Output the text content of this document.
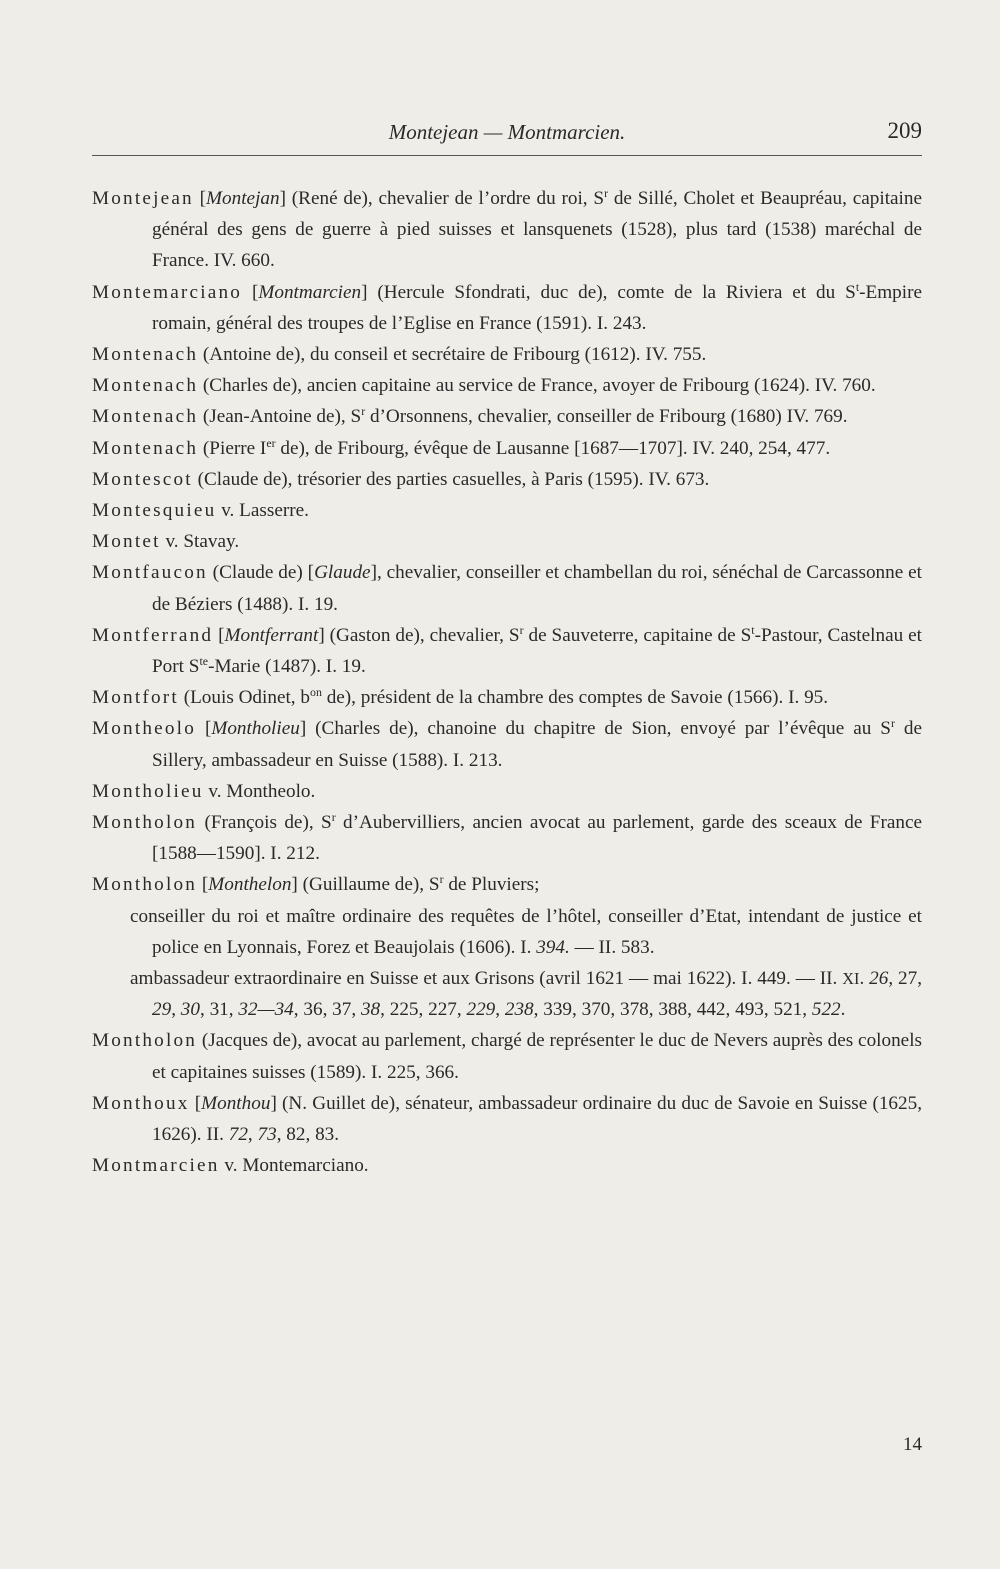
Montejean — Montmarcien.	209
Montejean [Montejan] (René de), chevalier de l’ordre du roi, $S^r$ de Sillé, Cholet et Beaupréau, capitaine général des gens de guerre à pied suisses et lansquenets (1528), plus tard (1538) maréchal de France. IV. 660.
Montemarciano [Montmarcien] (Hercule Sfondrati, duc de), comte de la Riviera et du $S^t$-Empire romain, général des troupes de l’Eglise en France (1591). I. 243.
Montenach (Antoine de), du conseil et secrétaire de Fribourg (1612). IV. 755.
Montenach (Charles de), ancien capitaine au service de France, avoyer de Fribourg (1624). IV. 760.
Montenach (Jean-Antoine de), $S^r$ d’Orsonnens, chevalier, conseiller de Fribourg (1680) IV. 769.
Montenach (Pierre Ier de), de Fribourg, évêque de Lausanne [1687—1707]. IV. 240, 254, 477.
Montescot (Claude de), trésorier des parties casuelles, à Paris (1595). IV. 673.
Montesquieu v. Lasserre.
Montet v. Stavay.
Montfaucon (Claude de) [Glaude], chevalier, conseiller et chambellan du roi, sénéchal de Carcassonne et de Béziers (1488). I. 19.
Montferrand [Montferrant] (Gaston de), chevalier, $S^r$ de Sauveterre, capitaine de $S^t$-Pastour, Castelnau et Port $S^{te}$-Marie (1487). I. 19.
Montfort (Louis Odinet, $b^{on}$ de), président de la chambre des comptes de Savoie (1566). I. 95.
Montheolo [Montholieu] (Charles de), chanoine du chapitre de Sion, envoyé par l’évêque au $S^r$ de Sillery, ambassadeur en Suisse (1588). I. 213.
Montholieu v. Montheolo.
Montholon (François de), $S^r$ d’Aubervilliers, ancien avocat au parlement, garde des sceaux de France [1588—1590]. I. 212.
Montholon [Monthelon] (Guillaume de), $S^r$ de Pluviers;
conseiller du roi et maître ordinaire des requêtes de l’hôtel, conseiller d’Etat, intendant de justice et police en Lyonnais, Forez et Beaujolais (1606). I. 394. — II. 583.
ambassadeur extraordinaire en Suisse et aux Grisons (avril 1621 — mai 1622). I. 449. — II. XI. 26, 27, 29, 30, 31, 32—34, 36, 37, 38, 225, 227, 229, 238, 339, 370, 378, 388, 442, 493, 521, 522.
Montholon (Jacques de), avocat au parlement, chargé de représenter le duc de Nevers auprès des colonels et capitaines suisses (1589). I. 225, 366.
Monthoux [Monthou] (N. Guillet de), sénateur, ambassadeur ordinaire du duc de Savoie en Suisse (1625, 1626). II. 72, 73, 82, 83.
Montmarcien v. Montemarciano.
14
